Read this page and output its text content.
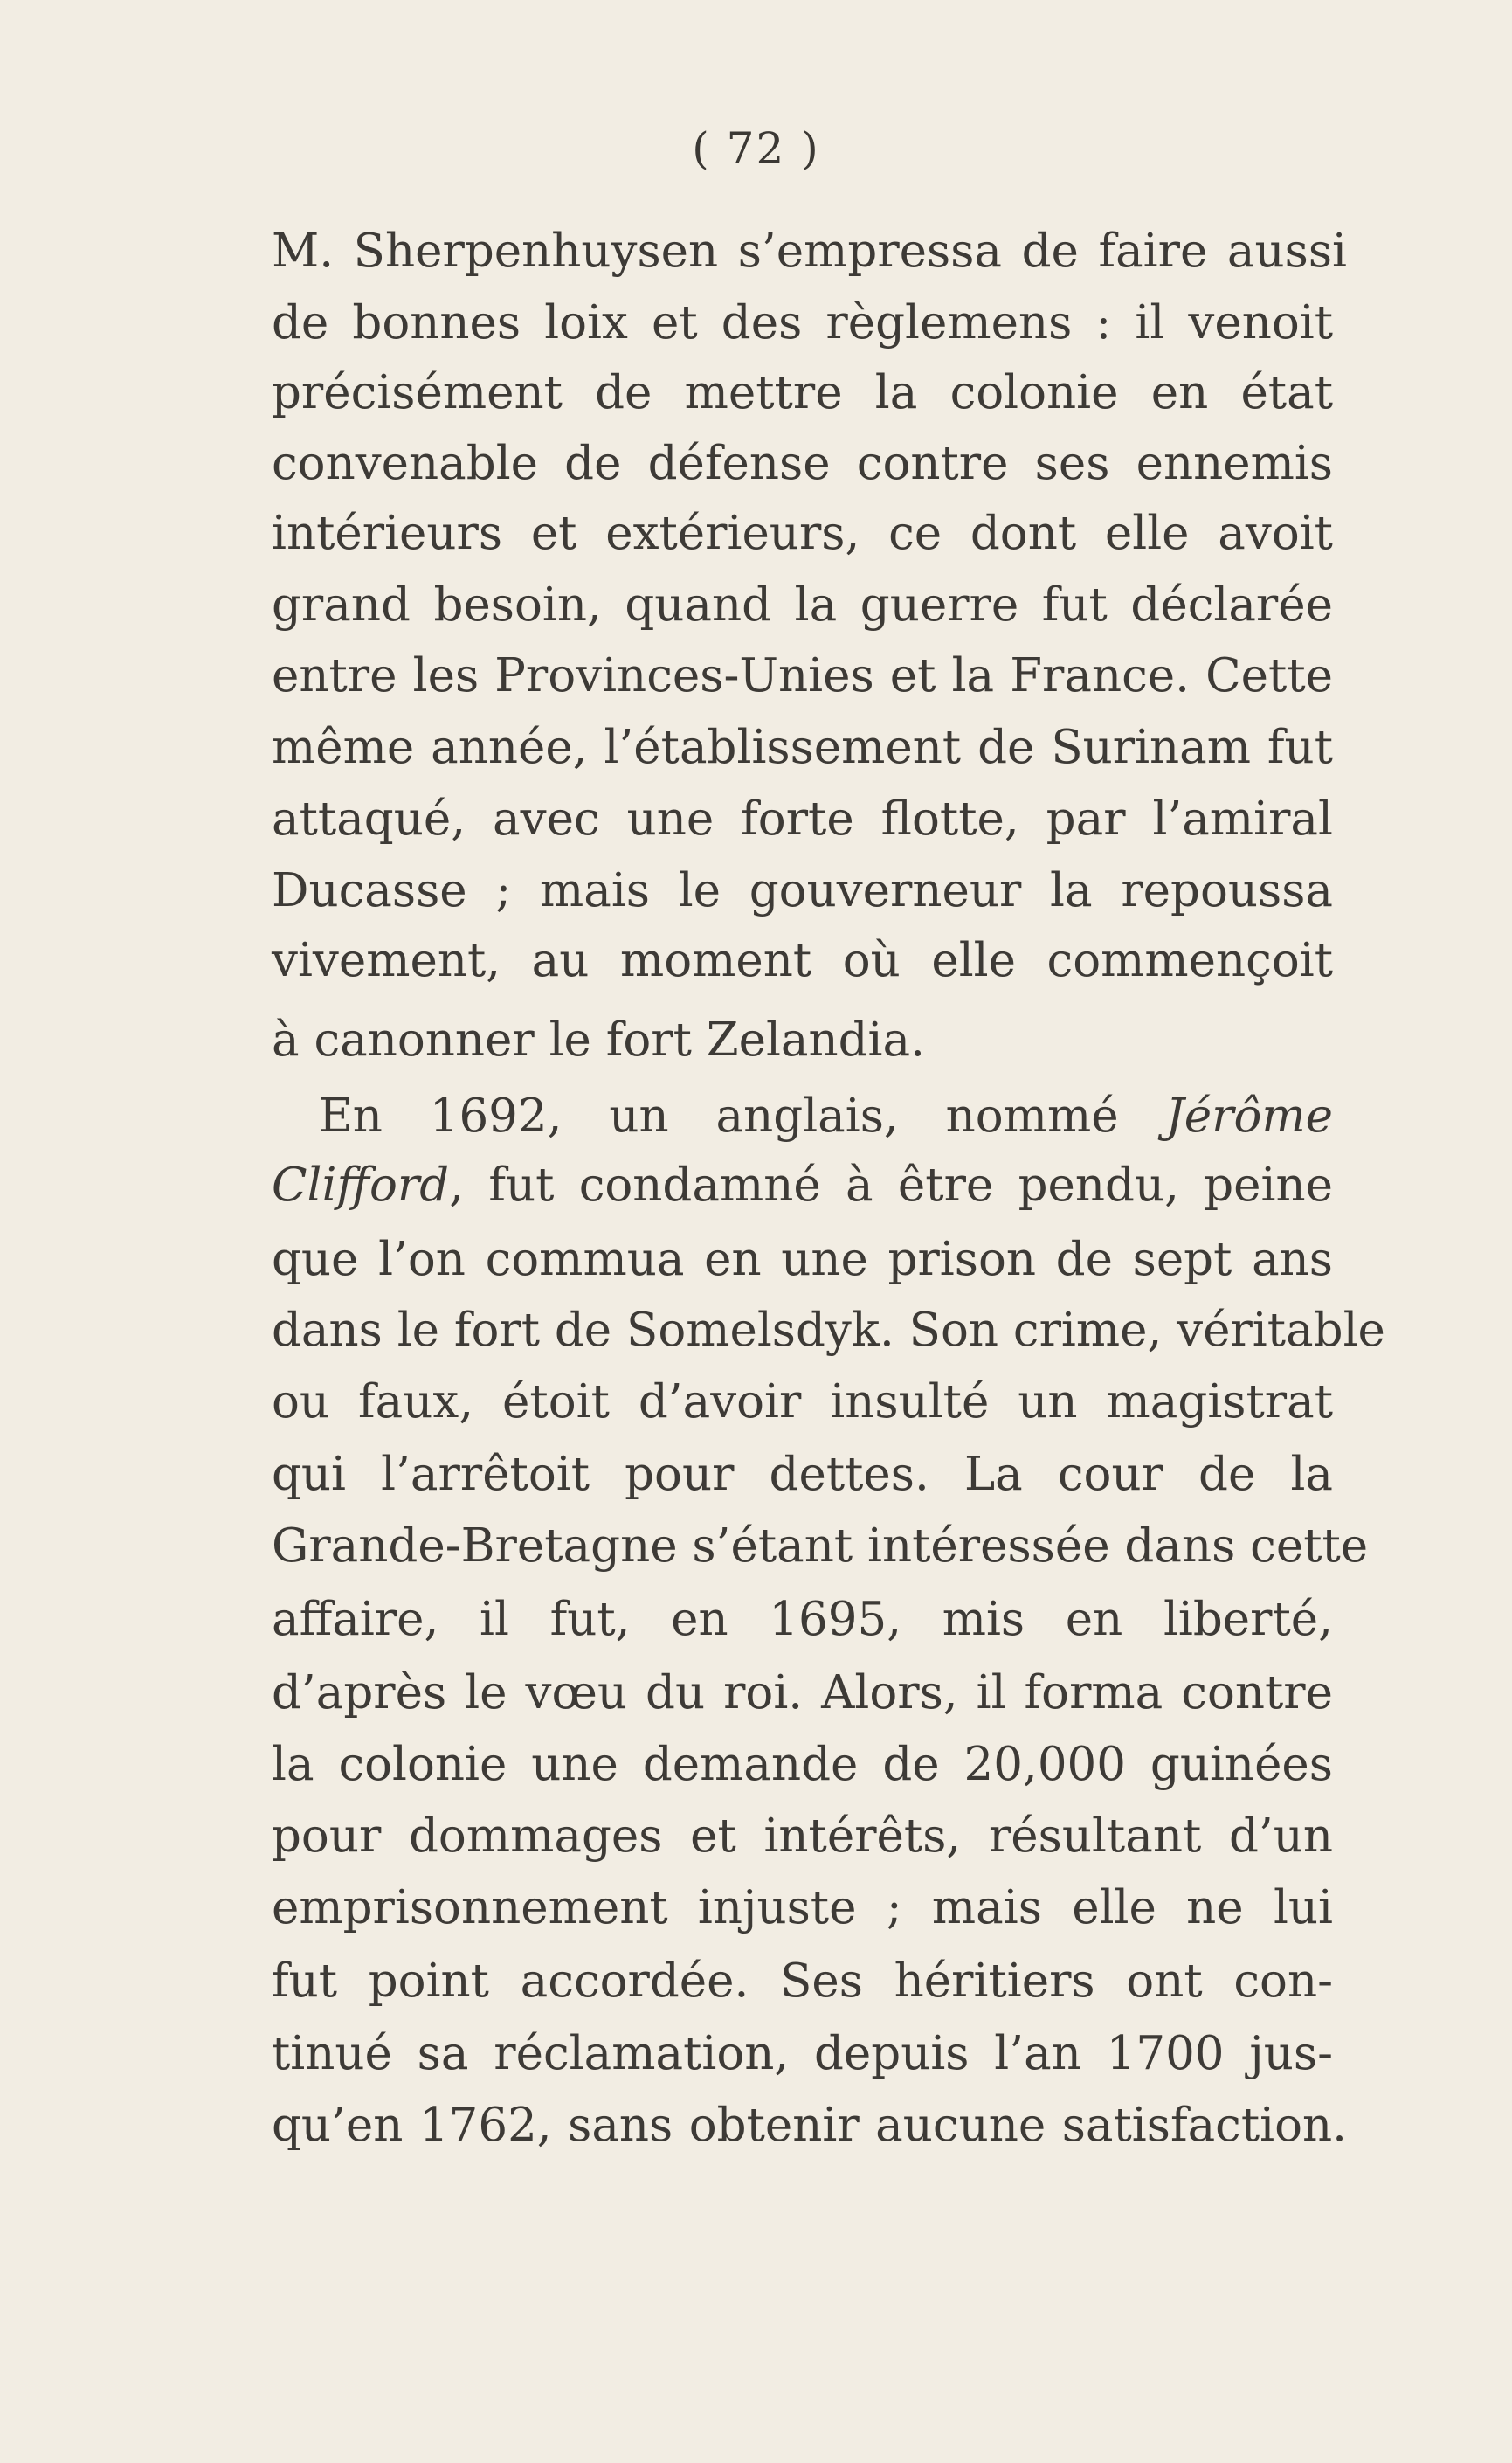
( 72 )
M. Sherpenhuysen s’empressa de faire aussi
de bonnes loix et des règlemens : il venoit
précisément de mettre la colonie en état
convenable de défense contre ses ennemis
intérieurs et extérieurs, ce dont elle avoit
grand besoin, quand la guerre fut déclarée
entre les Provinces-Unies et la France. Cette
même année, l’établissement de Surinam fut
attaqué, avec une forte flotte, par l’amiral
Ducasse ; mais le gouverneur la repoussa
vivement, au moment où elle commençoit
à canonner le fort Zelandia.
En 1692, un anglais, nommé Jérôme
Clifford, fut condamné à être pendu, peine
que l’on commua en une prison de sept ans
dans le fort de Somelsdyk. Son crime, véritable
ou faux, étoit d’avoir insulté un magistrat
qui l’arrêtoit pour dettes. La cour de la
Grande-Bretagne s’étant intéressée dans cette
affaire, il fut, en 1695, mis en liberté,
d’après le vœu du roi. Alors, il forma contre
la colonie une demande de 20,000 guinées
pour dommages et intérêts, résultant d’un
emprisonnement injuste ; mais elle ne lui
fut point accordée. Ses héritiers ont con-
tinué sa réclamation, depuis l’an 1700 jus-
qu’en 1762, sans obtenir aucune satisfaction.
